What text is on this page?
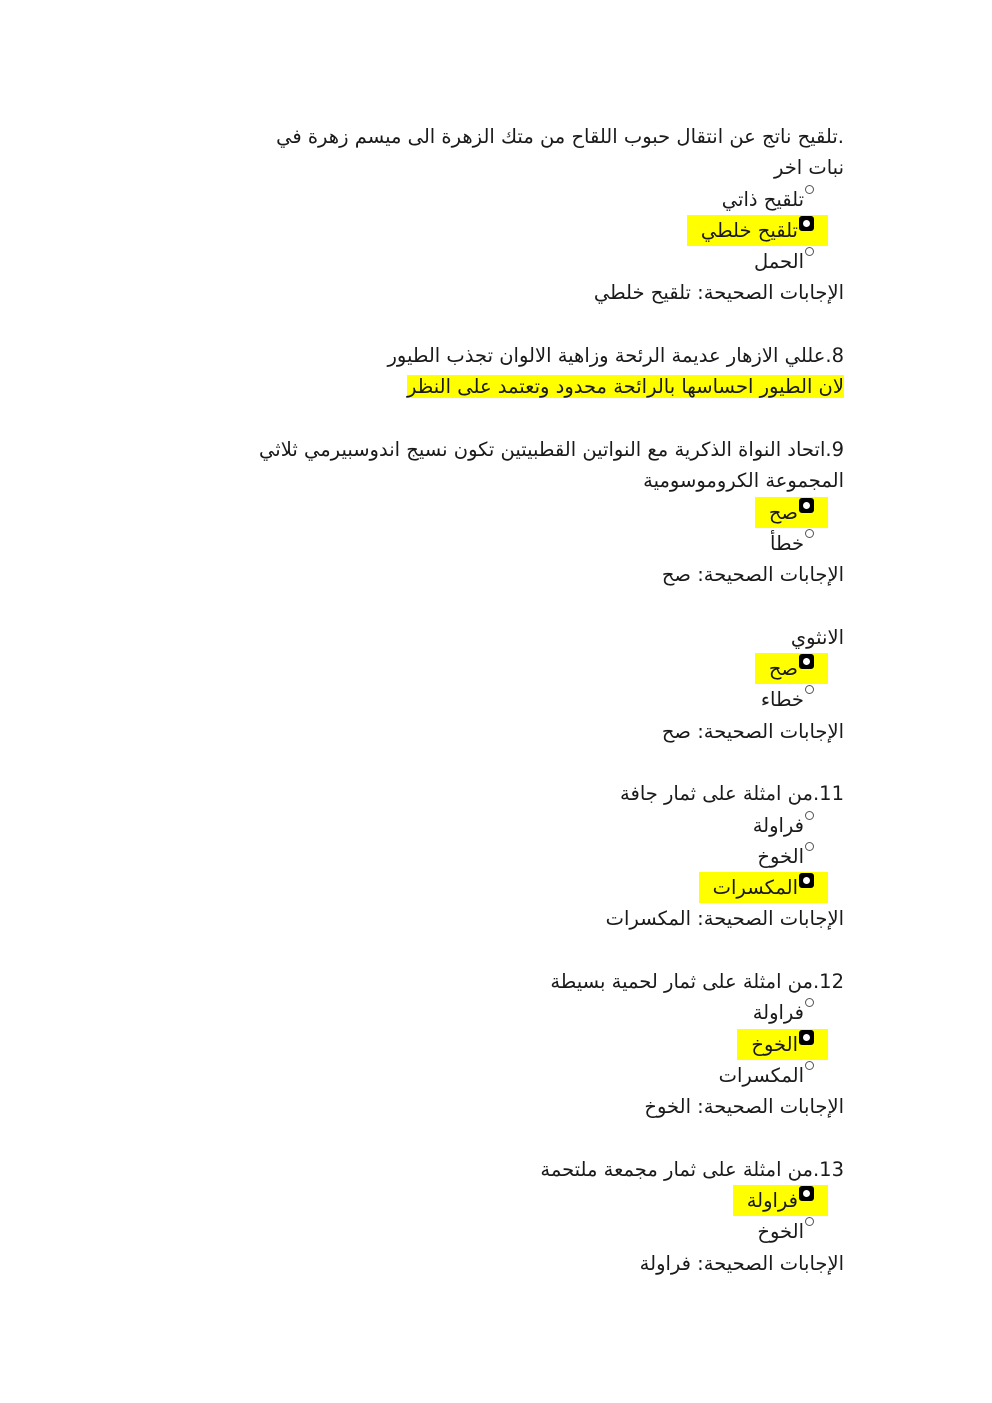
.تلقيح ناتج عن انتقال حبوب اللقاح من متك الزهرة الى ميسم زهرة في
نبات اخر
تلقيح ذاتي
تلقيح خلطي
الحمل
الإجابات الصحيحة: تلقيح خلطي
8.عللي الازهار عديمة الرئحة وزاهية الالوان تجذب الطيور
لان الطيور احساسها بالرائحة محدود وتعتمد على النظر
9.اتحاد النواة الذكرية مع النواتين القطبيتين تكون نسيج اندوسبيرمي ثلاثي
المجموعة الكروموسومية
صح
خطأ
الإجابات الصحيحة: صح
الانثوي
صح
خطاء
الإجابات الصحيحة: صح
11.من امثلة على ثمار جافة
فراولة
الخوخ
المكسرات
الإجابات الصحيحة: المكسرات
12.من امثلة على ثمار لحمية بسيطة
فراولة
الخوخ
المكسرات
الإجابات الصحيحة: الخوخ
13.من امثلة على ثمار مجمعة ملتحمة
فراولة
الخوخ
الإجابات الصحيحة: فراولة
